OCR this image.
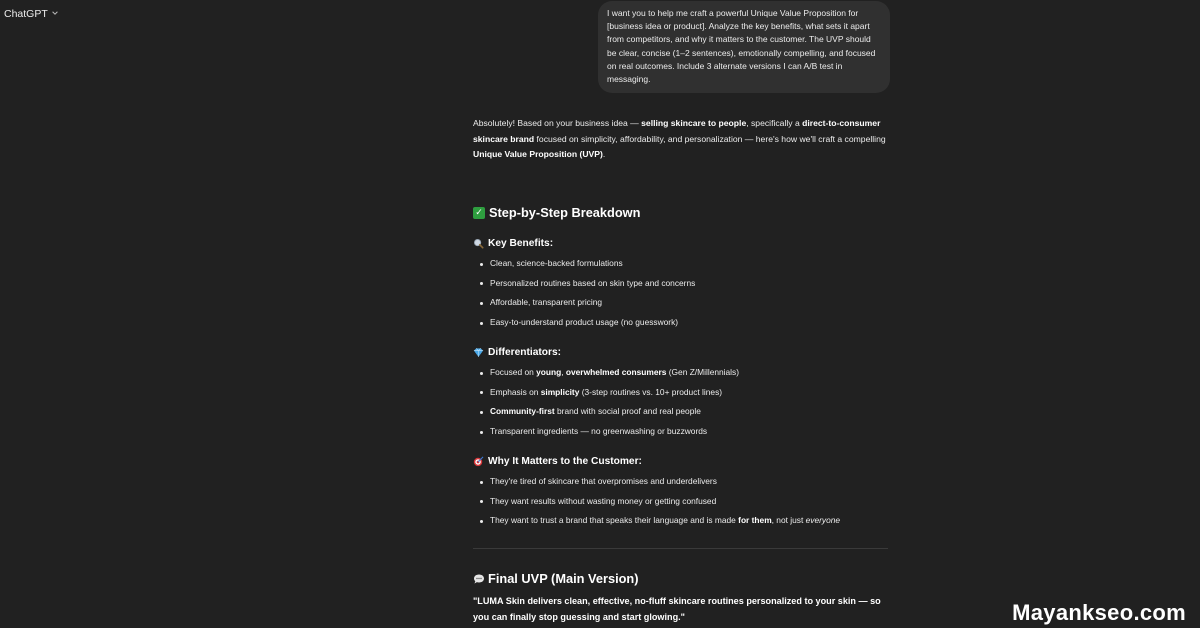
ChatGPT	I want you to help me craft a powerful Unique Value Proposition for [business idea or product]. Analyze the key benefits, what sets it apart from competitors, and why it matters to the customer. The UVP should be clear, concise (1–2 sentences), emotionally compelling, and focused on real outcomes. Include 3 alternate versions I can A/B test in messaging.

Absolutely! Based on your business idea — selling skincare to people, specifically a direct-to-consumer skincare brand focused on simplicity, affordability, and personalization — here's how we'll craft a compelling Unique Value Proposition (UVP).

✓ Step-by-Step Breakdown
Key Benefits:
Clean, science-backed formulations
Personalized routines based on skin type and concerns
Affordable, transparent pricing
Easy-to-understand product usage (no guesswork)
Differentiators:
Focused on young, overwhelmed consumers (Gen Z/Millennials)
Emphasis on simplicity (3-step routines vs. 10+ product lines)
Community-first brand with social proof and real people
Transparent ingredients — no greenwashing or buzzwords
Why It Matters to the Customer:
They're tired of skincare that overpromises and underdelivers
They want results without wasting money or getting confused
They want to trust a brand that speaks their language and is made for them, not just everyone
Final UVP (Main Version)
"LUMA Skin delivers clean, effective, no-fluff skincare routines personalized to your skin — so you can finally stop guessing and start glowing."	Mayankseo.com
